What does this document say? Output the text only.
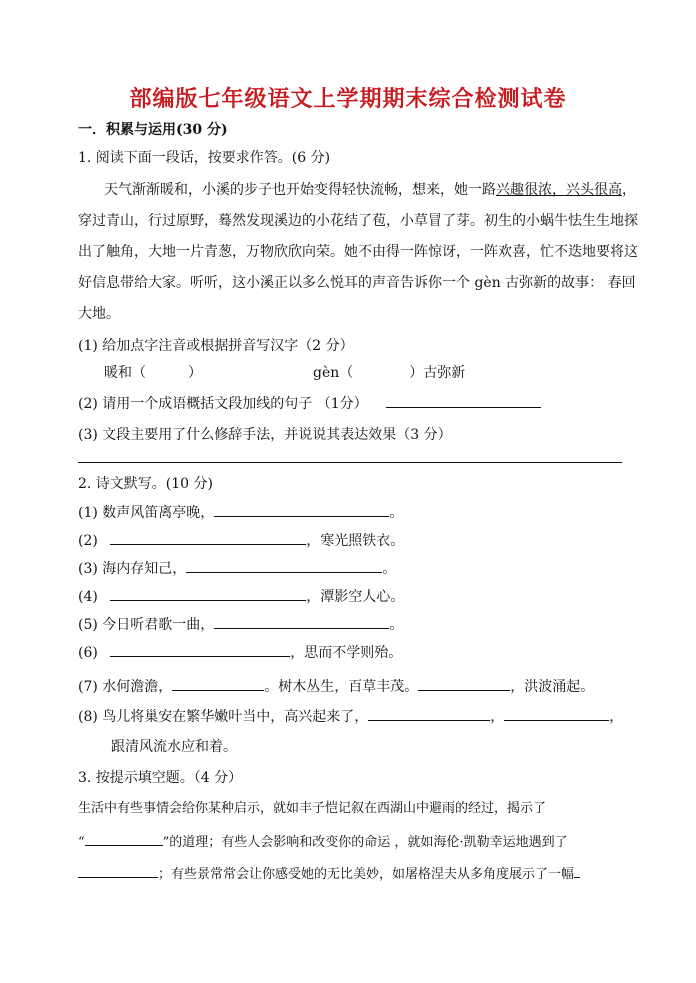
部编版七年级语文上学期期末综合检测试卷
一．积累与运用(30 分)
1. 阅读下面一段话，按要求作答。(6 分)
天气渐渐暖和，小溪的步子也开始变得轻快流畅，想来，她一路兴趣很浓，兴头很高，
穿过青山，行过原野，蓦然发现溪边的小花结了苞，小草冒了芽。初生的小蜗牛怯生生地探
出了触角，大地一片青葱，万物欣欣向荣。她不由得一阵惊讶，一阵欢喜，忙不迭地要将这
好信息带给大家。听听，这小溪正以多么悦耳的声音告诉你一个 gèn 古弥新的故事： 春回
大地。
(1) 给加点字注音或根据拼音写汉字（2 分）
暖和（　　　）	gèn（　　　　）古弥新
(2) 请用一个成语概括文段加线的句子 （1分）
(3) 文段主要用了什么修辞手法，并说说其表达效果（3 分）
2. 诗文默写。(10 分)
(1) 数声风笛离亭晚，	。
(2)	，寒光照铁衣。
(3) 海内存知己，	。
(4)	，潭影空人心。
(5) 今日听君歌一曲，	。
(6)	，思而不学则殆。
(7) 水何澹澹，	。树木丛生，百草丰茂。	，洪波涌起。
(8) 鸟儿将巢安在繁华嫩叶当中，高兴起来了，	，	，
跟清风流水应和着。
3. 按提示填空题。（4 分）
生活中有些事情会给你某种启示，就如丰子恺记叙在西湖山中避雨的经过，揭示了
“	”的道理；有些人会影响和改变你的命运 ，就如海伦·凯勒幸运地遇到了
；有些景常常会让你感受她的无比美妙，如屠格涅夫从多角度展示了一幅
